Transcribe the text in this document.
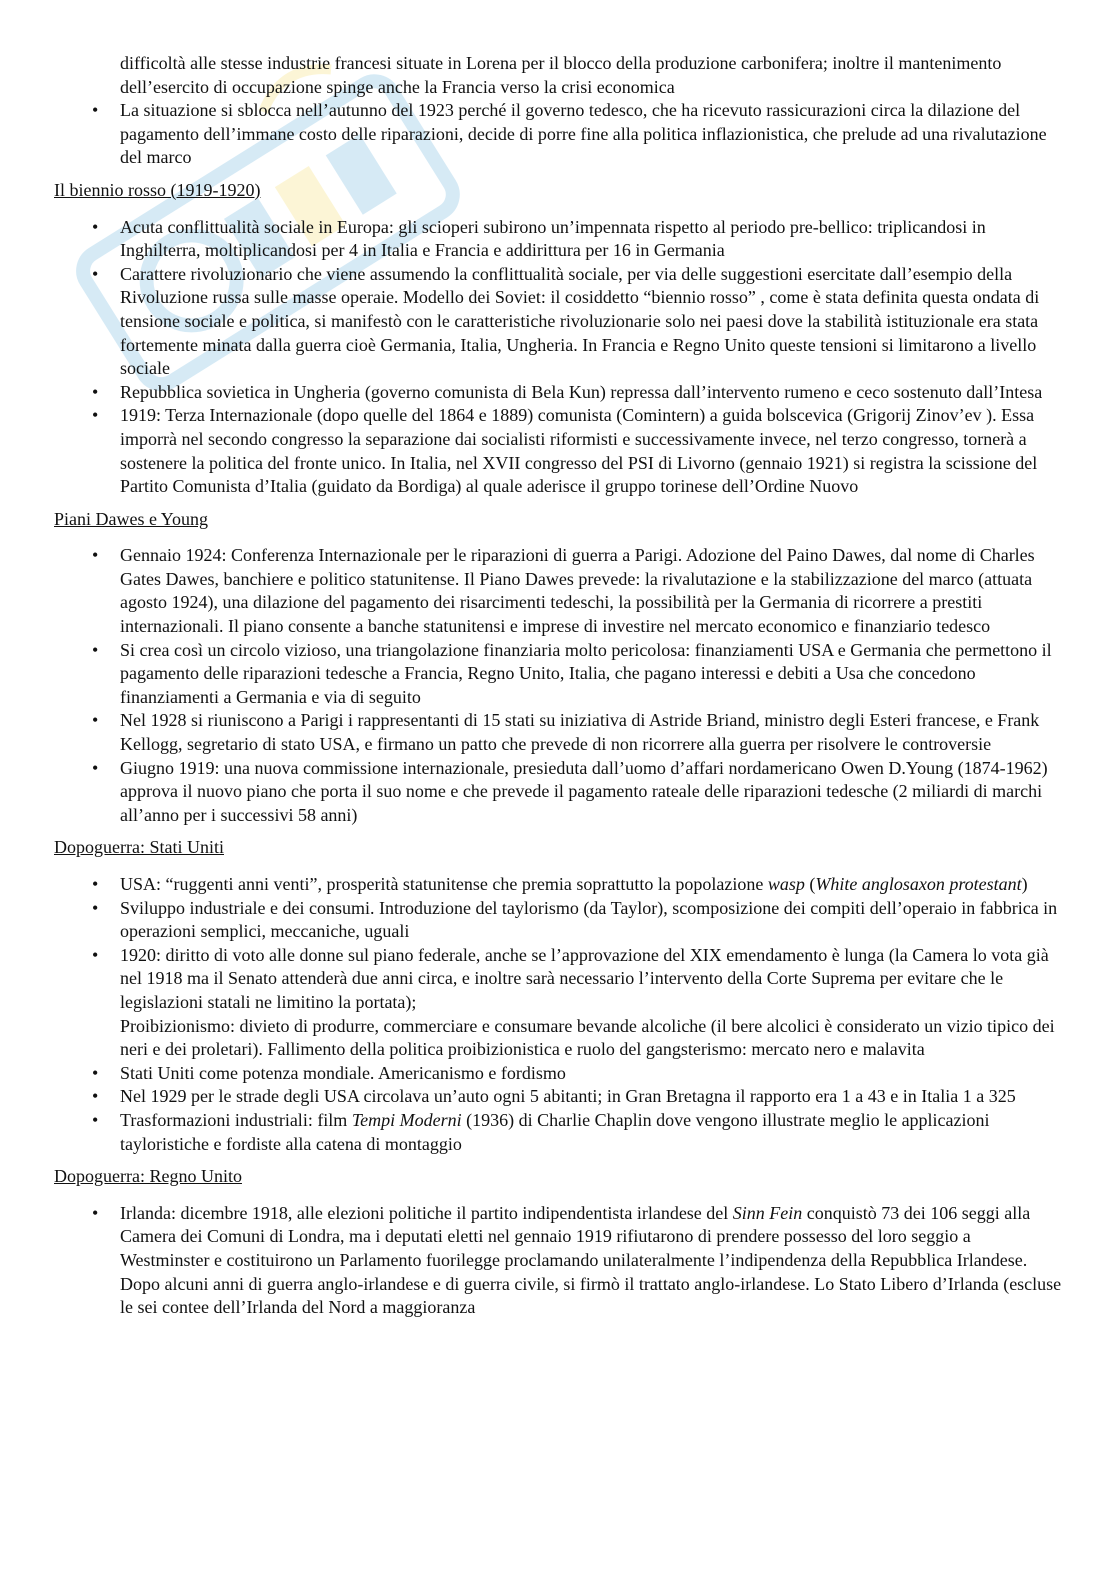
difficoltà alle stesse industrie francesi situate in Lorena per il blocco della produzione carbonifera; inoltre il mantenimento dell’esercito di occupazione spinge anche la Francia verso la crisi economica
• La situazione si sblocca nell’autunno del 1923 perché il governo tedesco, che ha ricevuto rassicurazioni circa la dilazione del pagamento dell’immane costo delle riparazioni, decide di porre fine alla politica inflazionistica, che prelude ad una rivalutazione del marco
Il biennio rosso (1919-1920)
• Acuta conflittualità sociale in Europa: gli scioperi subirono un’impennata rispetto al periodo pre-bellico: triplicandosi in Inghilterra, moltiplicandosi per 4 in Italia e Francia e addirittura per 16 in Germania
• Carattere rivoluzionario che viene assumendo la conflittualità sociale, per via delle suggestioni esercitate dall’esempio della Rivoluzione russa sulle masse operaie. Modello dei Soviet: il cosiddetto “biennio rosso” , come è stata definita questa ondata di tensione sociale e politica, si manifestò con le caratteristiche rivoluzionarie solo nei paesi dove la stabilità istituzionale era stata fortemente minata dalla guerra cioè Germania, Italia, Ungheria. In Francia e Regno Unito queste tensioni si limitarono a livello sociale
• Repubblica sovietica in Ungheria (governo comunista di Bela Kun) repressa dall’intervento rumeno e ceco sostenuto dall’Intesa
• 1919: Terza Internazionale (dopo quelle del 1864 e 1889) comunista (Comintern) a guida bolscevica (Grigorij Zinov’ev ). Essa imporrà nel secondo congresso la separazione dai socialisti riformisti e successivamente invece, nel terzo congresso, tornerà a sostenere la politica del fronte unico. In Italia, nel XVII congresso del PSI di Livorno (gennaio 1921) si registra la scissione del Partito Comunista d’Italia (guidato da Bordiga) al quale aderisce il gruppo torinese dell’Ordine Nuovo
Piani Dawes e Young
• Gennaio 1924: Conferenza Internazionale per le riparazioni di guerra a Parigi. Adozione del Paino Dawes, dal nome di Charles Gates Dawes, banchiere e politico statunitense. Il Piano Dawes prevede: la rivalutazione e la stabilizzazione del marco (attuata agosto 1924), una dilazione del pagamento dei risarcimenti tedeschi, la possibilità per la Germania di ricorrere a prestiti internazionali. Il piano consente a banche statunitensi e imprese di investire nel mercato economico e finanziario tedesco
• Si crea così un circolo vizioso, una triangolazione finanziaria molto pericolosa: finanziamenti USA e Germania che permettono il pagamento delle riparazioni tedesche a Francia, Regno Unito, Italia, che pagano interessi e debiti a Usa che concedono finanziamenti a Germania e via di seguito
• Nel 1928 si riuniscono a Parigi i rappresentanti di 15 stati su iniziativa di Astride Briand, ministro degli Esteri francese, e Frank Kellogg, segretario di stato USA, e firmano un patto che prevede di non ricorrere alla guerra per risolvere le controversie
• Giugno 1919: una nuova commissione internazionale, presieduta dall’uomo d’affari nordamericano Owen D.Young (1874-1962) approva il nuovo piano che porta il suo nome e che prevede il pagamento rateale delle riparazioni tedesche (2 miliardi di marchi all’anno per i successivi 58 anni)
Dopoguerra: Stati Uniti
• USA: “ruggenti anni venti”, prosperità statunitense che premia soprattutto la popolazione wasp (White anglosaxon protestant)
• Sviluppo industriale e dei consumi. Introduzione del taylorismo (da Taylor), scomposizione dei compiti dell’operaio in fabbrica in operazioni semplici, meccaniche, uguali
• 1920: diritto di voto alle donne sul piano federale, anche se l’approvazione del XIX emendamento è lunga (la Camera lo vota già nel 1918 ma il Senato attenderà due anni circa, e inoltre sarà necessario l’intervento della Corte Suprema per evitare che le legislazioni statali ne limitino la portata);
Proibizionismo: divieto di produrre, commerciare e consumare bevande alcoliche (il bere alcolici è considerato un vizio tipico dei neri e dei proletari). Fallimento della politica proibizionistica e ruolo del gangsterismo: mercato nero e malavita
• Stati Uniti come potenza mondiale. Americanismo e fordismo
• Nel 1929 per le strade degli USA circolava un’auto ogni 5 abitanti; in Gran Bretagna il rapporto era 1 a 43 e in Italia 1 a 325
• Trasformazioni industriali: film Tempi Moderni (1936) di Charlie Chaplin dove vengono illustrate meglio le applicazioni tayloristiche e fordiste alla catena di montaggio
Dopoguerra: Regno Unito
• Irlanda: dicembre 1918, alle elezioni politiche il partito indipendentista irlandese del Sinn Fein conquistò 73 dei 106 seggi alla Camera dei Comuni di Londra, ma i deputati eletti nel gennaio 1919 rifiutarono di prendere possesso del loro seggio a Westminster e costituirono un Parlamento fuorilegge proclamando unilateralmente l’indipendenza della Repubblica Irlandese. Dopo alcuni anni di guerra anglo-irlandese e di guerra civile, si firmò il trattato anglo-irlandese. Lo Stato Libero d’Irlanda (escluse le sei contee dell’Irlanda del Nord a maggioranza
